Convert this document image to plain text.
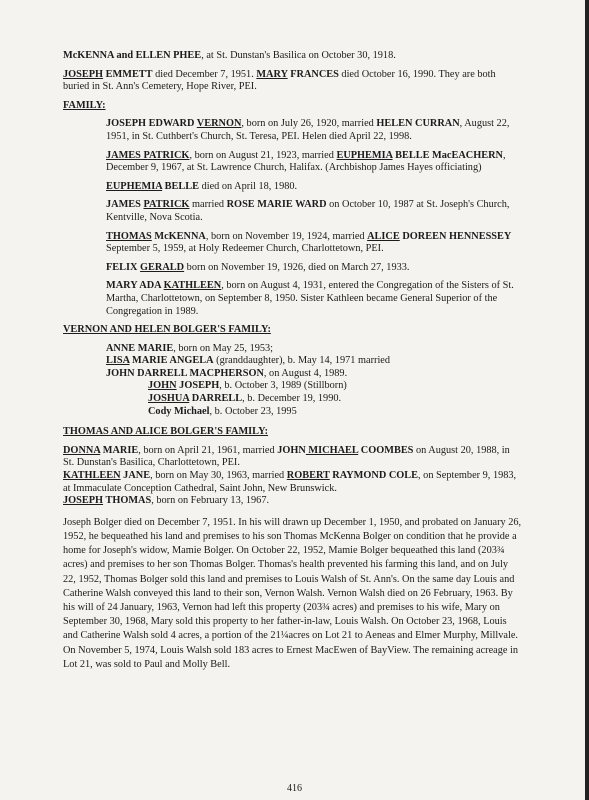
McKENNA and ELLEN PHEE, at St. Dunstan's Basilica on October 30, 1918.

JOSEPH EMMETT died December 7, 1951. MARY FRANCES died October 16, 1990. They are both buried in St. Ann's Cemetery, Hope River, PEI.

FAMILY:

JOSEPH EDWARD VERNON, born on July 26, 1920, married HELEN CURRAN, August 22, 1951, in St. Cuthbert's Church, St. Teresa, PEI. Helen died April 22, 1998.

JAMES PATRICK, born on August 21, 1923, married EUPHEMIA BELLE MacEACHERN, December 9, 1967, at St. Lawrence Church, Halifax. (Archbishop James Hayes officiating)

EUPHEMIA BELLE died on April 18, 1980.

JAMES PATRICK married ROSE MARIE WARD on October 10, 1987 at St. Joseph's Church, Kentville, Nova Scotia.

THOMAS McKENNA, born on November 19, 1924, married ALICE DOREEN HENNESSEY September 5, 1959, at Holy Redeemer Church, Charlottetown, PEI.

FELIX GERALD born on November 19, 1926, died on March 27, 1933.

MARY ADA KATHLEEN, born on August 4, 1931, entered the Congregation of the Sisters of St. Martha, Charlottetown, on September 8, 1950. Sister Kathleen became General Superior of the Congregation in 1989.

VERNON AND HELEN BOLGER'S FAMILY:

ANNE MARIE, born on May 25, 1953;

LISA MARIE ANGELA (granddaughter), b. May 14, 1971 married

JOHN DARRELL MACPHERSON, on August 4, 1989.

JOHN JOSEPH, b. October 3, 1989 (Stillborn)

JOSHUA DARRELL, b. December 19, 1990.

Cody Michael, b. October 23, 1995

THOMAS AND ALICE BOLGER'S FAMILY:

DONNA MARIE, born on April 21, 1961, married JOHN MICHAEL COOMBES on August 20, 1988, in St. Dunstan's Basilica, Charlottetown, PEI.

KATHLEEN JANE, born on May 30, 1963, married ROBERT RAYMOND COLE, on September 9, 1983, at Immaculate Conception Cathedral, Saint John, New Brunswick.

JOSEPH THOMAS, born on February 13, 1967.

Joseph Bolger died on December 7, 1951. In his will drawn up December 1, 1950, and probated on January 26, 1952, he bequeathed his land and premises to his son Thomas McKenna Bolger on condition that he provide a home for Joseph's widow, Mamie Bolger. On October 22, 1952, Mamie Bolger bequeathed this land (203¾ acres) and premises to her son Thomas Bolger. Thomas's health prevented his farming this land, and on July 22, 1952, Thomas Bolger sold this land and premises to Louis Walsh of St. Ann's. On the same day Louis and Catherine Walsh conveyed this land to their son, Vernon Walsh. Vernon Walsh died on 26 February, 1963. By his will of 24 January, 1963, Vernon had left this property (203¾ acres) and premises to his wife, Mary on September 30, 1968, Mary sold this property to her father-in-law, Louis Walsh. On October 23, 1968, Louis and Catherine Walsh sold 4 acres, a portion of the 21¼acres on Lot 21 to Aeneas and Elmer Murphy, Millvale. On November 5, 1974, Louis Walsh sold 183 acres to Ernest MacEwen of BayView. The remaining acreage in Lot 21, was sold to Paul and Molly Bell.

416
